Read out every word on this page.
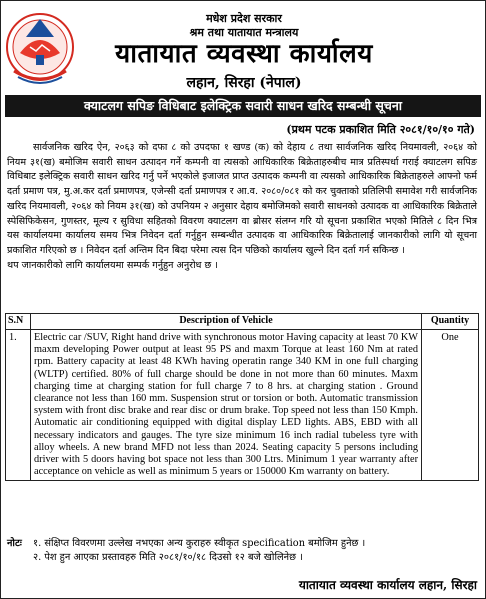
मधेश प्रदेश सरकार
श्रम तथा यातायात मन्त्रालय
यातायात व्यवस्था कार्यालय
लहान, सिरहा (नेपाल)
क्याटलग सपिङ विधिबाट इलेक्ट्रिक सवारी साधन खरिद सम्बन्धी सूचना
(प्रथम पटक प्रकाशित मिति २०८१/१०/१० गते)

सार्वजनिक खरिद ऐन, २०६३ को दफा ८ को उपदफा १ खण्ड (क) को देहाय ८ तथा सार्वजनिक खरिद नियमावली, २०६४ को नियम ३१(ख) बमोजिम सवारी साधन उत्पादन गर्ने कम्पनी वा त्यसको आधिकारिक बिक्रेताहरुबीच मात्र प्रतिस्पर्धा गराई क्याटलग सपिङ विधिबाट इलेक्ट्रिक सवारी साधन खरिद गर्नु पर्ने भएकोले इजाजत प्राप्त उत्पादक कम्पनी वा त्यसको आधिकारिक बिक्रेताहरुले आफ्नो फर्म दर्ता प्रमाण पत्र, मु.अ.कर दर्ता प्रमाणपत्र, एजेन्सी दर्ता प्रमाणपत्र र आ.व. २०८०/०८१ को कर चुक्ताको प्रतिलिपी समावेश गरी सार्वजनिक खरिद नियमावली, २०६४ को नियम ३१(ख) को उपनियम २ अनुसार देहाय बमोजिमको सवारी साधनको उत्पादक वा आधिकारिक बिक्रेताले स्पेसिफिकेसन, गुणस्तर, मूल्य र सुविधा सहितको विवरण क्याटलग वा ब्रोसर संलग्न गरि यो सूचना प्रकाशित भएको मितिले ८ दिन भित्र यस कार्यालयमा कार्यालय समय भित्र निवेदन दर्ता गर्नुहुन सम्बन्धीत उत्पादक वा आधिकारिक बिक्रेतालाई जानकारीको लागि यो सूचना प्रकाशित गरिएको छ । निवेदन दर्ता अन्तिम दिन बिदा परेमा त्यस दिन पछिको कार्यालय खुल्ने दिन दर्ता गर्न सकिन्छ ।

थप जानकारीको लागि कार्यालयमा सम्पर्क गर्नुहुन अनुरोध छ ।

S.N	Description of Vehicle	Quantity
1.	Electric car /SUV, Right hand drive with synchronous motor Having capacity at least 70 KW maxm developing Power output at least 95 PS and maxm Torque at least 160 Nm at rated rpm. Battery capacity at least 48 KWh having operatin range 340 KM in one full charging (WLTP) certified. 80% of full charge should be done in not more than 60 minutes. Maxm charging time at charging station for full charge 7 to 8 hrs. at charging station . Ground clearance not less than 160 mm. Suspension strut or torsion or both. Automatic transmission system with front disc brake and rear disc or drum brake. Top speed not less than 150 Kmph. Automatic air conditioning equipped with digital display LED lights. ABS, EBD with all necessary indicators and gauges. The tyre size minimum 16 inch radial tubeless tyre with alloy wheels. A new brand MFD not less than 2024. Seating capacity 5 persons including driver with 5 doors having bot space not less than 300 Ltrs. Minimum 1 year warranty after acceptance on vehicle as well as minimum 5 years or 150000 Km warranty on battery.	One
नोटः	१. संक्षिप्त विवरणमा उल्लेख नभएका अन्य कुराहरु स्वीकृत specification बमोजिम हुनेछ ।
२. पेश हुन आएका प्रस्तावहरु मिति २०८१/१०/१८ दिउसो १२ बजे खोलिनेछ ।
यातायात व्यवस्था कार्यालय लहान, सिरहा
